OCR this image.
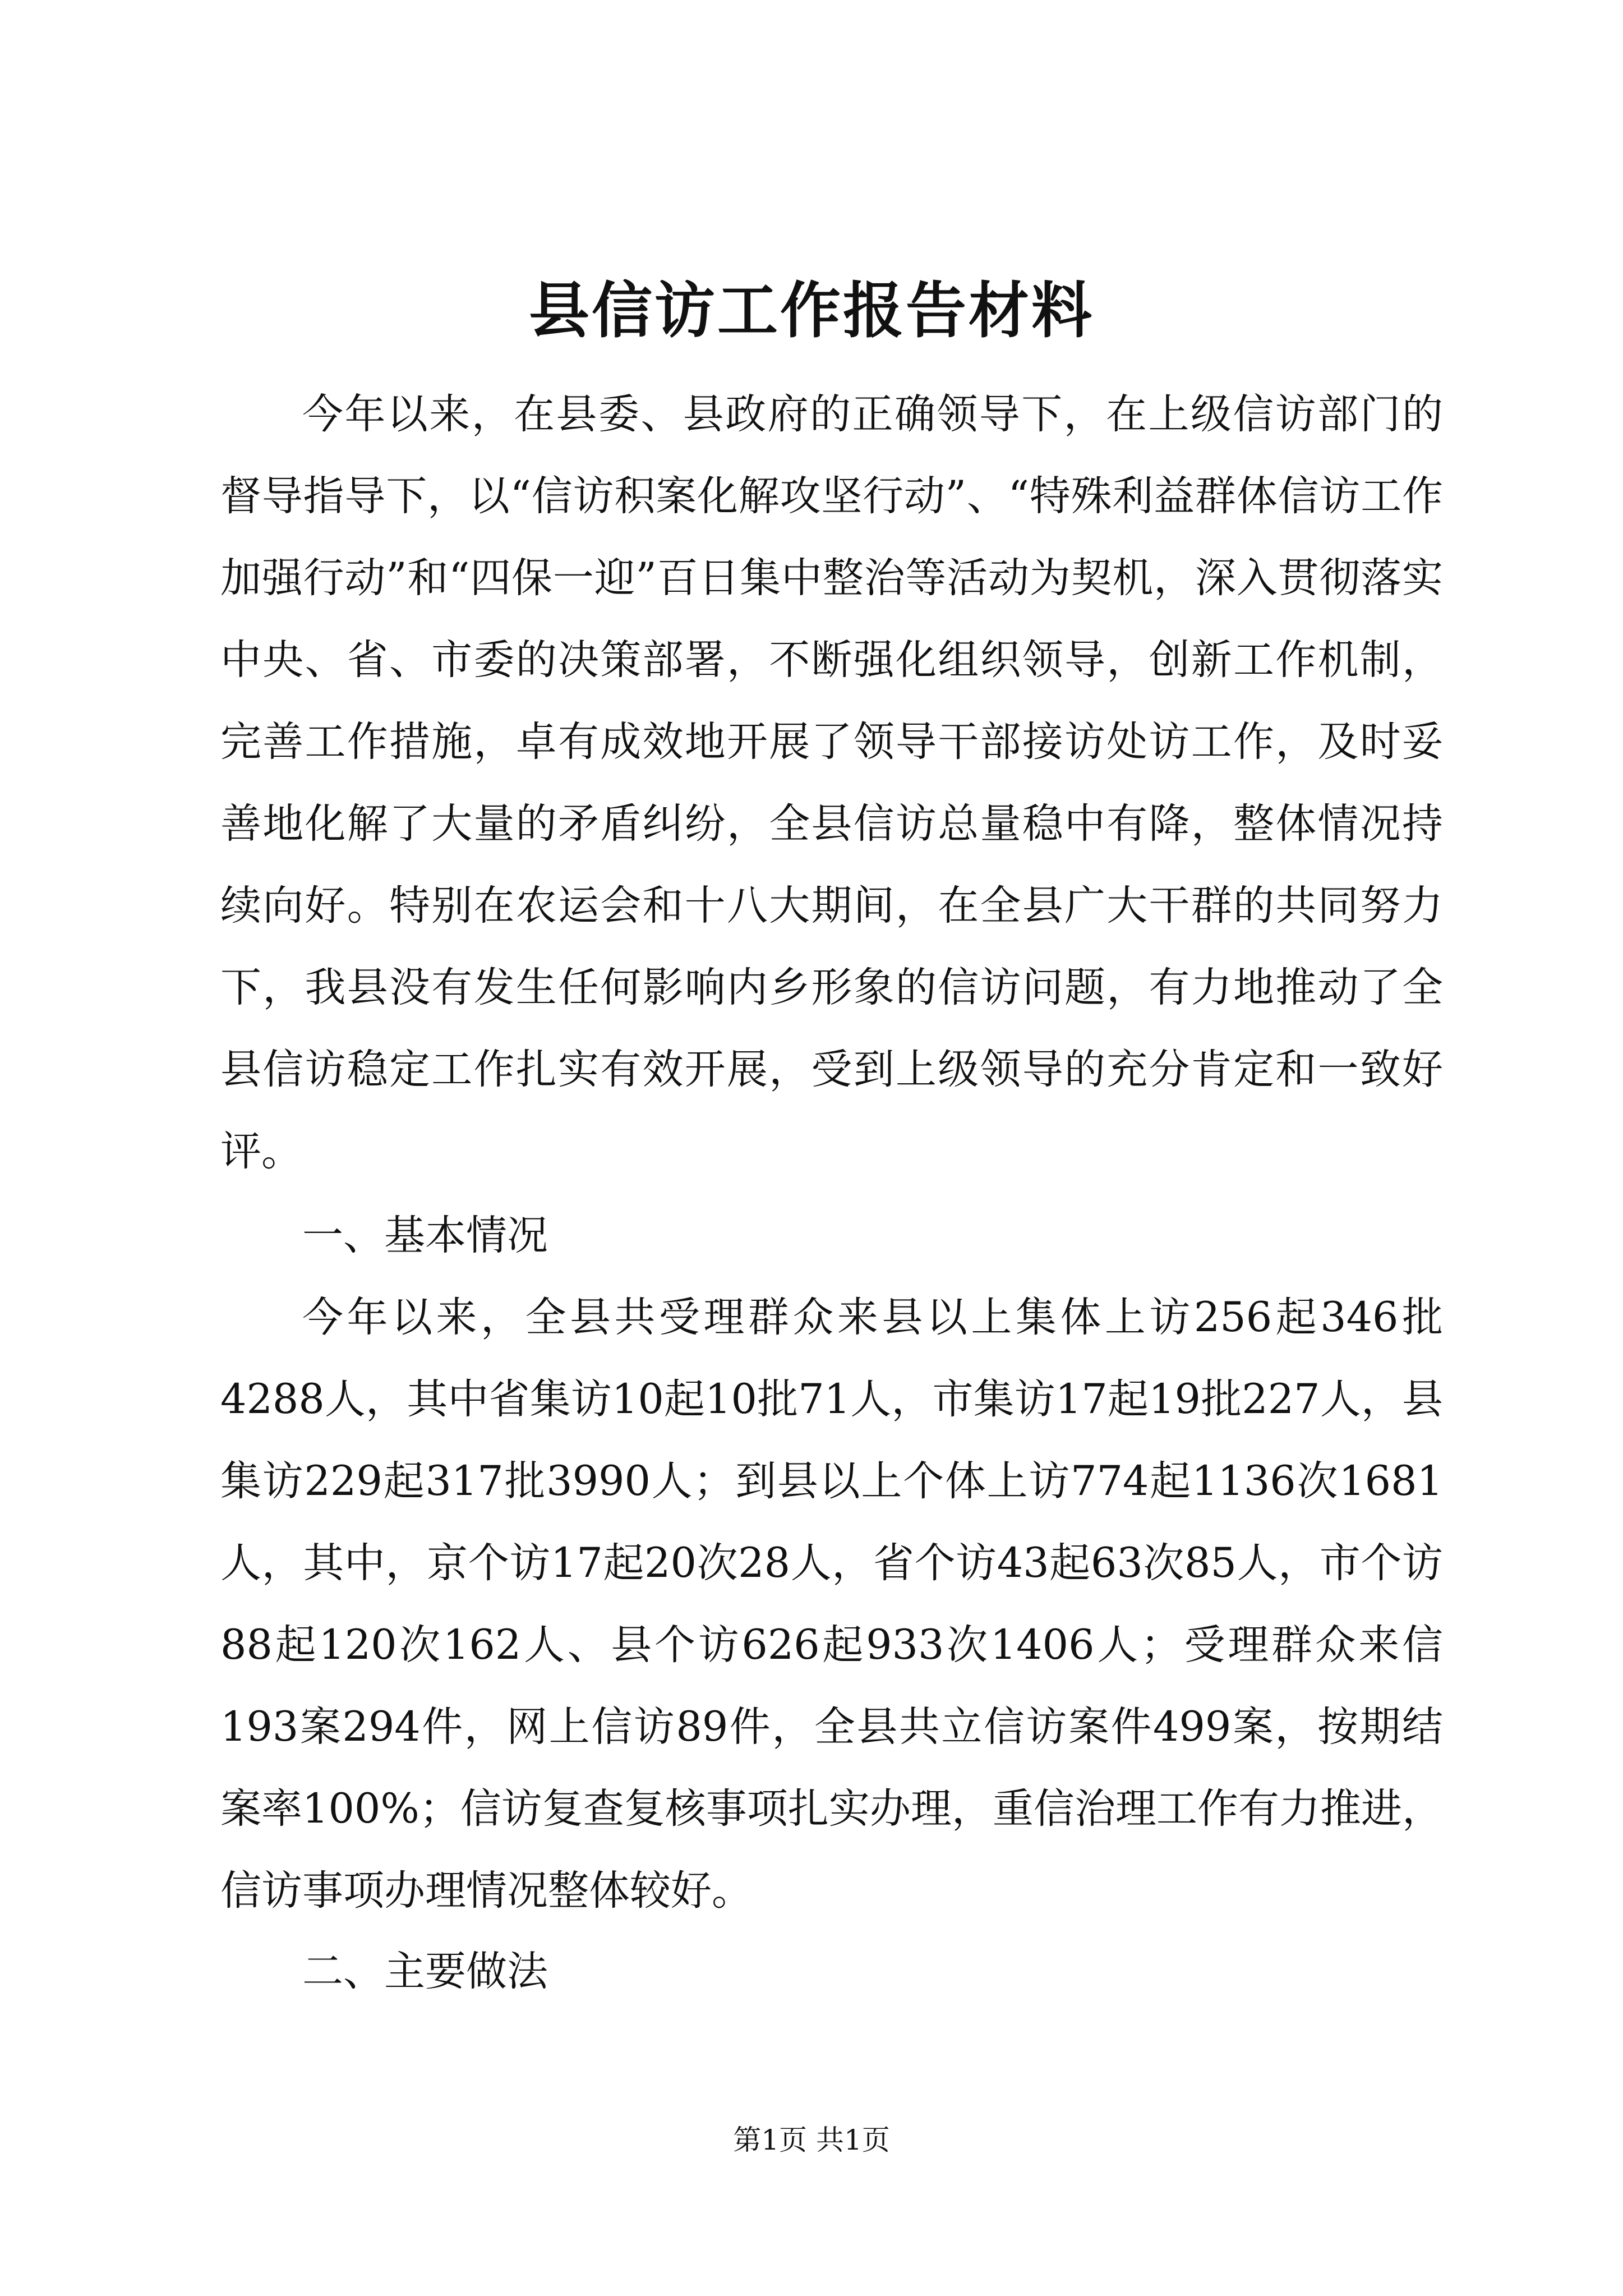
县信访工作报告材料

今年以来，在县委、县政府的正确领导下，在上级信访部门的督导指导下，以“信访积案化解攻坚行动”、“特殊利益群体信访工作加强行动”和“四保一迎”百日集中整治等活动为契机，深入贯彻落实中央、省、市委的决策部署，不断强化组织领导，创新工作机制，完善工作措施，卓有成效地开展了领导干部接访处访工作，及时妥善地化解了大量的矛盾纠纷，全县信访总量稳中有降，整体情况持续向好。特别在农运会和十八大期间，在全县广大干群的共同努力下，我县没有发生任何影响内乡形象的信访问题，有力地推动了全县信访稳定工作扎实有效开展，受到上级领导的充分肯定和一致好评。

一、基本情况

今年以来，全县共受理群众来县以上集体上访256起346批4288人，其中省集访10起10批71人，市集访17起19批227人，县集访229起317批3990人；到县以上个体上访774起1136次1681人，其中，京个访17起20次28人，省个访43起63次85人，市个访88起120次162人、县个访626起933次1406人；受理群众来信193案294件，网上信访89件，全县共立信访案件499案，按期结案率100%；信访复查复核事项扎实办理，重信治理工作有力推进，信访事项办理情况整体较好。

二、主要做法

第1页 共1页
